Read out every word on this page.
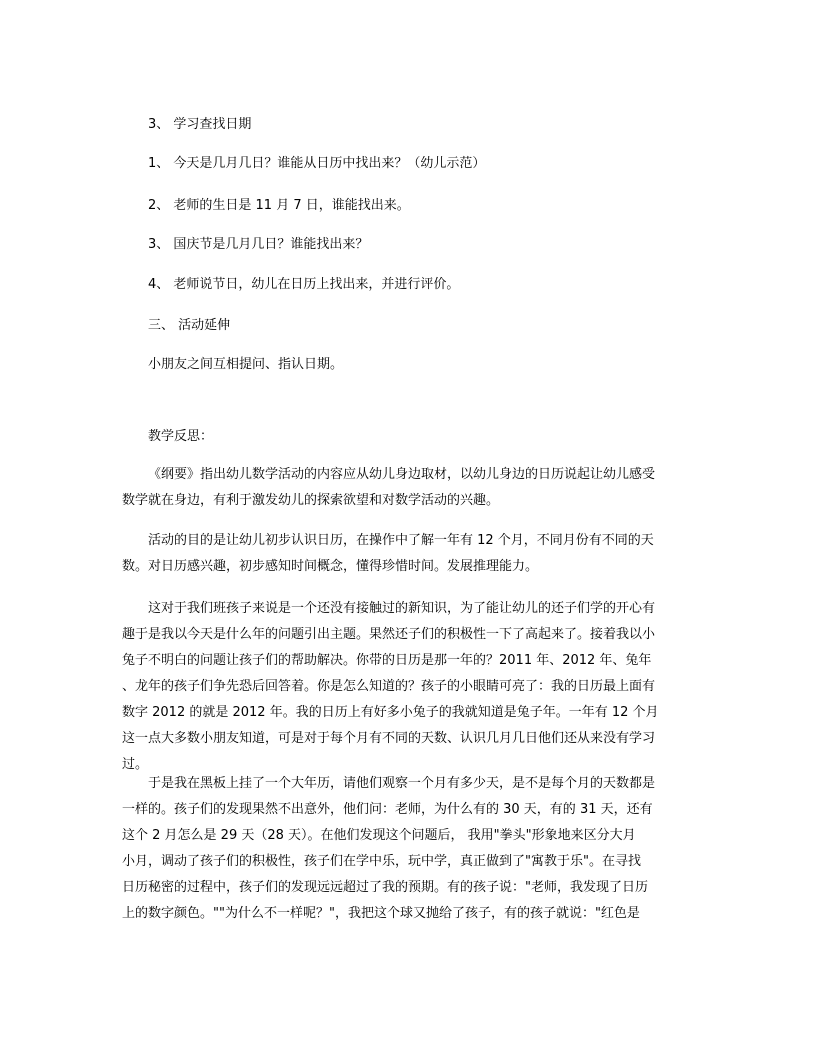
3、 学习查找日期
1、 今天是几月几日？谁能从日历中找出来？（幼儿示范）
2、 老师的生日是 11 月 7 日，谁能找出来。
3、 国庆节是几月几日？谁能找出来？
4、 老师说节日，幼儿在日历上找出来，并进行评价。
三、 活动延伸
小朋友之间互相提问、指认日期。
教学反思：
《纲要》指出幼儿数学活动的内容应从幼儿身边取材，以幼儿身边的日历说起让幼儿感受
数学就在身边，有利于激发幼儿的探索欲望和对数学活动的兴趣。
活动的目的是让幼儿初步认识日历，在操作中了解一年有 12 个月，不同月份有不同的天
数。对日历感兴趣，初步感知时间概念，懂得珍惜时间。发展推理能力。
这对于我们班孩子来说是一个还没有接触过的新知识，为了能让幼儿的还子们学的开心有
趣于是我以今天是什么年的问题引出主题。果然还子们的积极性一下了高起来了。接着我以小
兔子不明白的问题让孩子们的帮助解决。你带的日历是那一年的？2011 年、2012 年、兔年
、龙年的孩子们争先恐后回答着。你是怎么知道的？孩子的小眼睛可亮了：我的日历最上面有
数字 2012 的就是 2012 年。我的日历上有好多小兔子的我就知道是兔子年。一年有 12 个月
这一点大多数小朋友知道，可是对于每个月有不同的天数、认识几月几日他们还从来没有学习
过。
于是我在黑板上挂了一个大年历，请他们观察一个月有多少天，是不是每个月的天数都是
一样的。孩子们的发现果然不出意外，他们问：老师，为什么有的 30 天，有的 31 天，还有
这个 2 月怎么是 29 天（28 天）。在他们发现这个问题后， 我用"拳头"形象地来区分大月
小月，调动了孩子们的积极性，孩子们在学中乐，玩中学，真正做到了"寓教于乐"。在寻找
日历秘密的过程中，孩子们的发现远远超过了我的预期。有的孩子说："老师，我发现了日历
上的数字颜色。""为什么不一样呢？"，我把这个球又抛给了孩子，有的孩子就说："红色是
